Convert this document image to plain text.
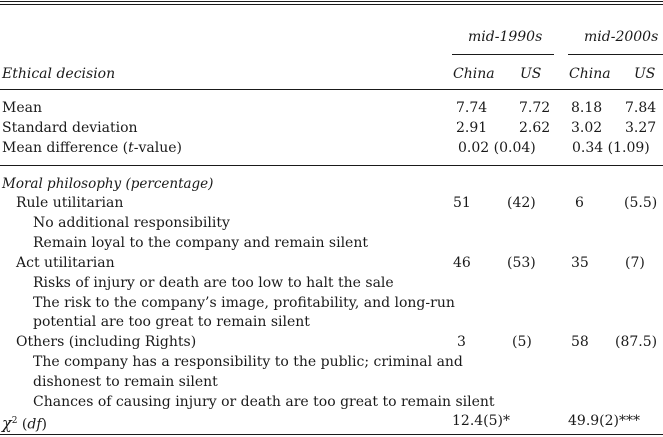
mid-1990s	mid-2000s
Ethical decision	China US China US
Mean	7.74 7.72 8.18 7.84
Standard deviation	2.91 2.62 3.02 3.27
Mean difference (t-value)	0.02 (0.04)	0.34 (1.09)
Moral philosophy (percentage)
Rule utilitarian	51	(42)	6	(5.5)
No additional responsibility
Remain loyal to the company and remain silent
Act utilitarian	46	(53)	35	(7)
Risks of injury or death are too low to halt the sale
The risk to the company’s image, profitability, and long-run
potential are too great to remain silent
Others (including Rights)	3	(5)	58 (87.5)
The company has a responsibility to the public; criminal and
dishonest to remain silent
Chances of causing injury or death are too great to remain silent
$\chi^2$ (df)	12.4(5)*	49.9(2)***
